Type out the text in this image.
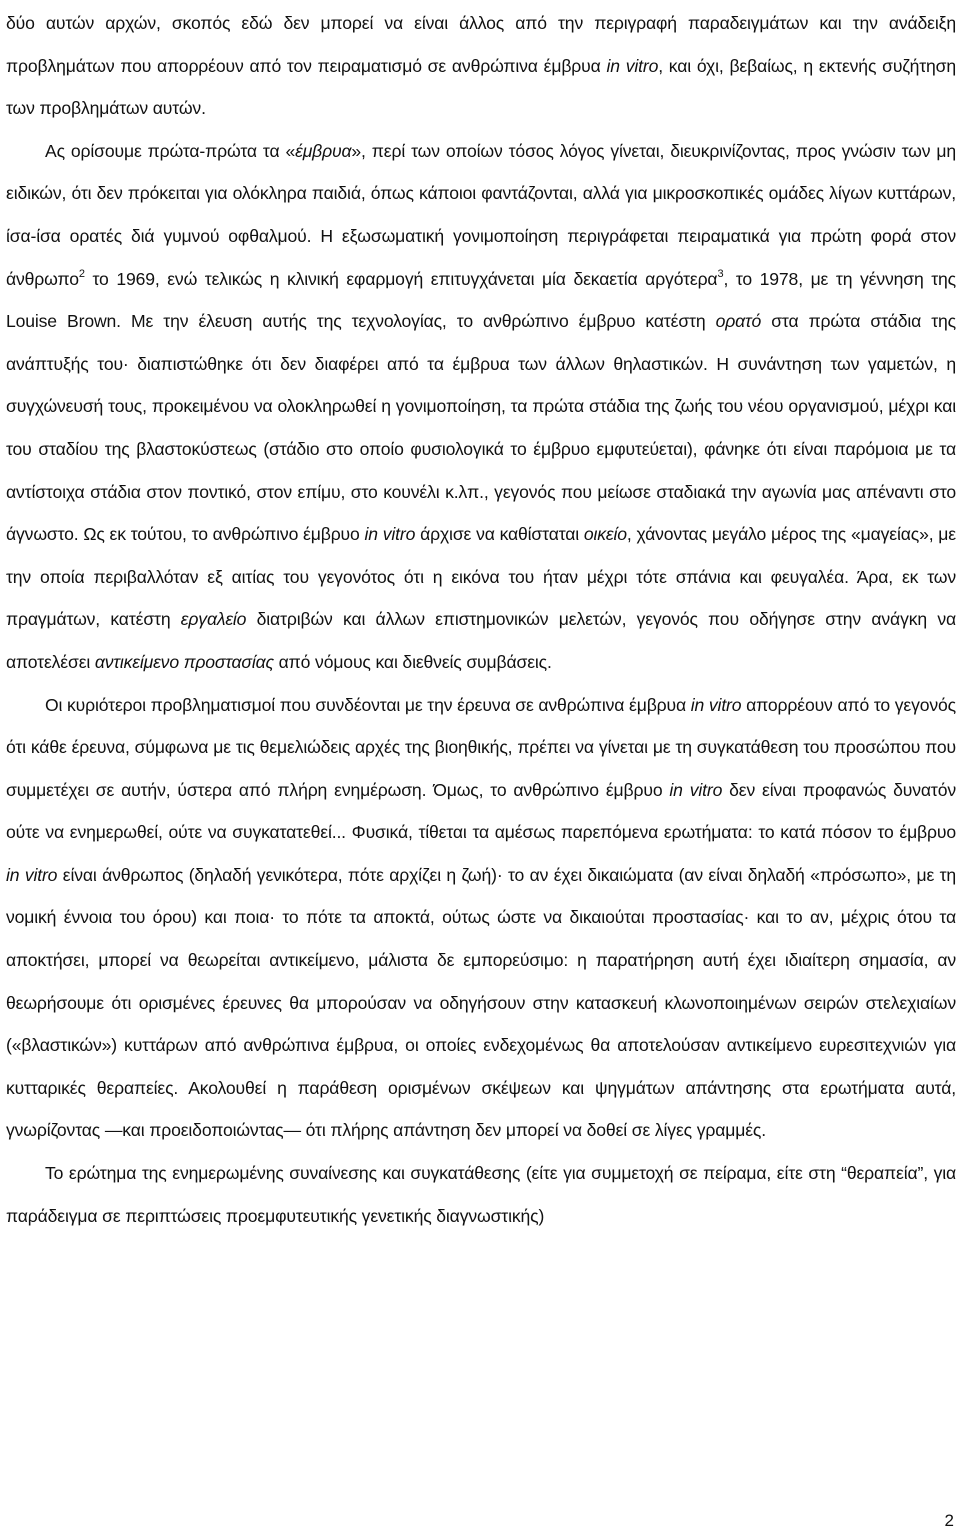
δύο αυτών αρχών, σκοπός εδώ δεν μπορεί να είναι άλλος από την περιγραφή παραδειγμάτων και την ανάδειξη προβλημάτων που απορρέουν από τον πειραματισμό σε ανθρώπινα έμβρυα in vitro, και όχι, βεβαίως, η εκτενής συζήτηση των προβλημάτων αυτών.

Ας ορίσουμε πρώτα-πρώτα τα «έμβρυα», περί των οποίων τόσος λόγος γίνεται, διευκρινίζοντας, προς γνώσιν των μη ειδικών, ότι δεν πρόκειται για ολόκληρα παιδιά, όπως κάποιοι φαντάζονται, αλλά για μικροσκοπικές ομάδες λίγων κυττάρων, ίσα-ίσα ορατές διά γυμνού οφθαλμού. Η εξωσωματική γονιμοποίηση περιγράφεται πειραματικά για πρώτη φορά στον άνθρωπο$^2$ το 1969, ενώ τελικώς η κλινική εφαρμογή επιτυγχάνεται μία δεκαετία αργότερα$^3$, το 1978, με τη γέννηση της Louise Brown. Με την έλευση αυτής της τεχνολογίας, το ανθρώπινο έμβρυο κατέστη ορατό στα πρώτα στάδια της ανάπτυξής του· διαπιστώθηκε ότι δεν διαφέρει από τα έμβρυα των άλλων θηλαστικών. Η συνάντηση των γαμετών, η συγχώνευσή τους, προκειμένου να ολοκληρωθεί η γονιμοποίηση, τα πρώτα στάδια της ζωής του νέου οργανισμού, μέχρι και του σταδίου της βλαστοκύστεως (στάδιο στο οποίο φυσιολογικά το έμβρυο εμφυτεύεται), φάνηκε ότι είναι παρόμοια με τα αντίστοιχα στάδια στον ποντικό, στον επίμυ, στο κουνέλι κ.λπ., γεγονός που μείωσε σταδιακά την αγωνία μας απέναντι στο άγνωστο. Ως εκ τούτου, το ανθρώπινο έμβρυο in vitro άρχισε να καθίσταται οικείο, χάνοντας μεγάλο μέρος της «μαγείας», με την οποία περιβαλλόταν εξ αιτίας του γεγονότος ότι η εικόνα του ήταν μέχρι τότε σπάνια και φευγαλέα. Άρα, εκ των πραγμάτων, κατέστη εργαλείο διατριβών και άλλων επιστημονικών μελετών, γεγονός που οδήγησε στην ανάγκη να αποτελέσει αντικείμενο προστασίας από νόμους και διεθνείς συμβάσεις.

Οι κυριότεροι προβληματισμοί που συνδέονται με την έρευνα σε ανθρώπινα έμβρυα in vitro απορρέουν από το γεγονός ότι κάθε έρευνα, σύμφωνα με τις θεμελιώδεις αρχές της βιοηθικής, πρέπει να γίνεται με τη συγκατάθεση του προσώπου που συμμετέχει σε αυτήν, ύστερα από πλήρη ενημέρωση. Όμως, το ανθρώπινο έμβρυο in vitro δεν είναι προφανώς δυνατόν ούτε να ενημερωθεί, ούτε να συγκατατεθεί... Φυσικά, τίθεται τα αμέσως παρεπόμενα ερωτήματα: το κατά πόσον το έμβρυο in vitro είναι άνθρωπος (δηλαδή γενικότερα, πότε αρχίζει η ζωή)· το αν έχει δικαιώματα (αν είναι δηλαδή «πρόσωπο», με τη νομική έννοια του όρου) και ποια· το πότε τα αποκτά, ούτως ώστε να δικαιούται προστασίας· και το αν, μέχρις ότου τα αποκτήσει, μπορεί να θεωρείται αντικείμενο, μάλιστα δε εμπορεύσιμο: η παρατήρηση αυτή έχει ιδιαίτερη σημασία, αν θεωρήσουμε ότι ορισμένες έρευνες θα μπορούσαν να οδηγήσουν στην κατασκευή κλωνοποιημένων σειρών στελεχιαίων («βλαστικών») κυττάρων από ανθρώπινα έμβρυα, οι οποίες ενδεχομένως θα αποτελούσαν αντικείμενο ευρεσιτεχνιών για κυτταρικές θεραπείες. Ακολουθεί η παράθεση ορισμένων σκέψεων και ψηγμάτων απάντησης στα ερωτήματα αυτά, γνωρίζοντας —και προειδοποιώντας— ότι πλήρης απάντηση δεν μπορεί να δοθεί σε λίγες γραμμές.

Το ερώτημα της ενημερωμένης συναίνεσης και συγκατάθεσης (είτε για συμμετοχή σε πείραμα, είτε στη “θεραπεία”, για παράδειγμα σε περιπτώσεις προεμφυτευτικής γενετικής διαγνωστικής)

2
